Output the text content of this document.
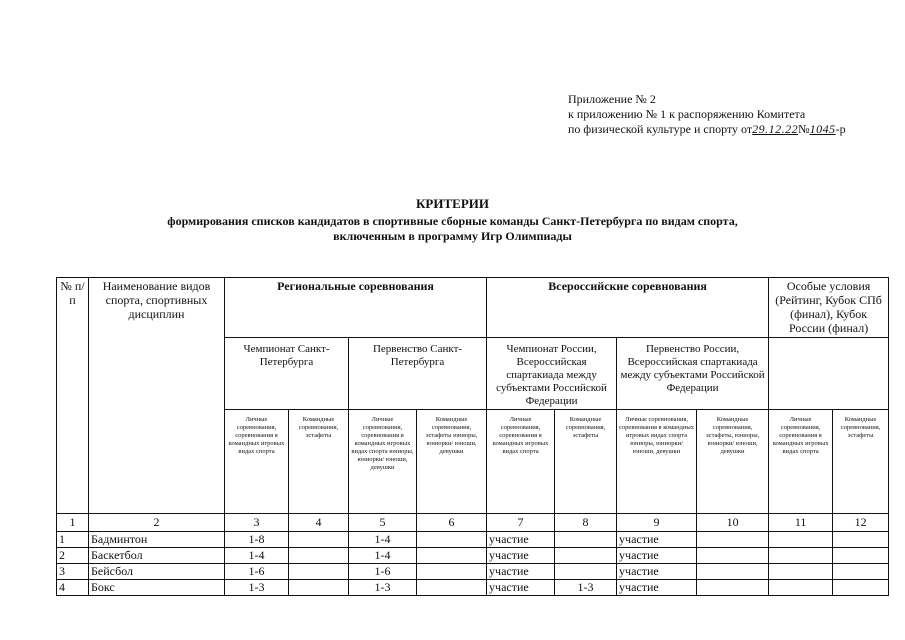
Приложение № 2
к приложению № 1 к распоряжению Комитета
по физической культуре и спорту от29.12.22№1045-р
КРИТЕРИИ
формирования списков кандидатов в спортивные сборные команды Санкт-Петербурга по видам спорта,
включенным в программу Игр Олимпиады
№ п/п	Наименование видов спорта, спортивных дисциплин	Региональные соревнования				Всероссийские соревнования				Особые условия (Рейтинг, Кубок СПб (финал), Кубок России (финал)	
		Чемпионат Санкт-Петербурга		Первенство Санкт-Петербурга		Чемпионат России, Всероссийская спартакиада между субъектами Российской Федерации		Первенство России, Всероссийская спартакиада между субъектами Российской Федерации			
		Личные соревнования, соревнования в командных игровых видах спорта	Командные соревнования, эстафеты	Личные соревнования, соревнования в командных игровых видах спорта юниоры, юниорки/ юноши, девушки	Командные соревнования, эстафеты юниоры, юниорки/ юноши, девушки	Личные соревнования, соревнования в командных игровых видах спорта	Командные соревнования, эстафеты	Личные соревнования, соревнования в командных игровых видах спорта юниоры, юниорки/ юноши, девушки	Командные соревнования, эстафеты, юниоры, юниорки/ юноши, девушки	Личные соревнования, соревнования в командных игровых видах спорта	Командные соревнования, эстафеты
1	2	3	4	5	6	7	8	9	10	11	12
1	Бадминтон	1-8		1-4		участие		участие			
2	Баскетбол	1-4		1-4		участие		участие			
3	Бейсбол	1-6		1-6		участие		участие			
4	Бокс	1-3		1-3		участие	1-3	участие			
